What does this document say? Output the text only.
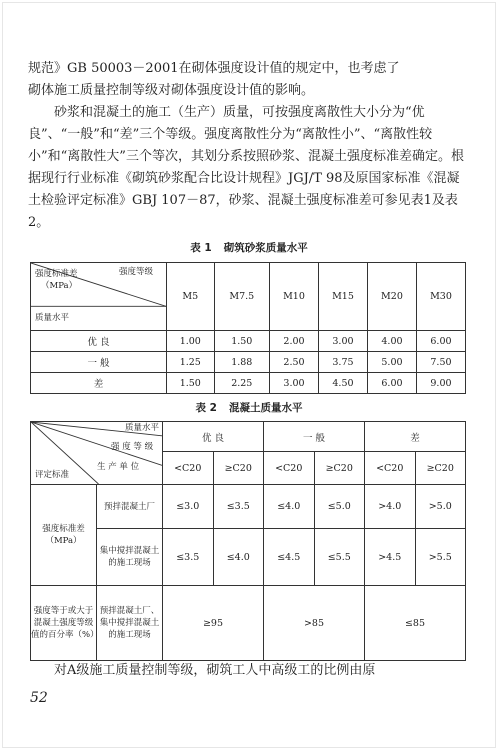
规范》GB 50003－2001在砌体强度设计值的规定中，也考虑了
砌体施工质量控制等级对砌体强度设计值的影响。

砂浆和混凝土的施工（生产）质量，可按强度离散性大小分为“优良”、“一般”和“差”三个等级。强度离散性分为“离散性小”、“离散性较小”和“离散性大”三个等次，其划分系按照砂浆、混凝土强度标准差确定。根据现行行业标准《砌筑砂浆配合比设计规程》JGJ/T 98及原国家标准《混凝土检验评定标准》GBJ 107－87，砂浆、混凝土强度标准差可参见表1及表2。

表 1 砌筑砂浆质量水平
强度等级
强度标准差
（MPa）
质量水平	M5	M7.5	M10	M15	M20	M30
优 良	1.00	1.50	2.00	3.00	4.00	6.00
一 般	1.25	1.88	2.50	3.75	5.00	7.50
差	1.50	2.25	3.00	4.50	6.00	9.00
表 2 混凝土质量水平
质量水平
强 度 等 级
生 产 单 位
评定标准		优 良		一 般		差	
		<C20	≥C20	<C20	≥C20	<C20	≥C20
强度标准差（MPa）	预拌混凝土厂	≤3.0	≤3.5	≤4.0	≤5.0	>4.0	>5.0
	集中搅拌混凝土的施工现场	≤3.5	≤4.0	≤4.5	≤5.5	>4.5	>5.5
强度等于或大于混凝土强度等级值的百分率（%）	预拌混凝土厂、集中搅拌混凝土的施工现场	≥95		>85		≤85	

对A级施工质量控制等级，砌筑工人中高级工的比例由原

52
